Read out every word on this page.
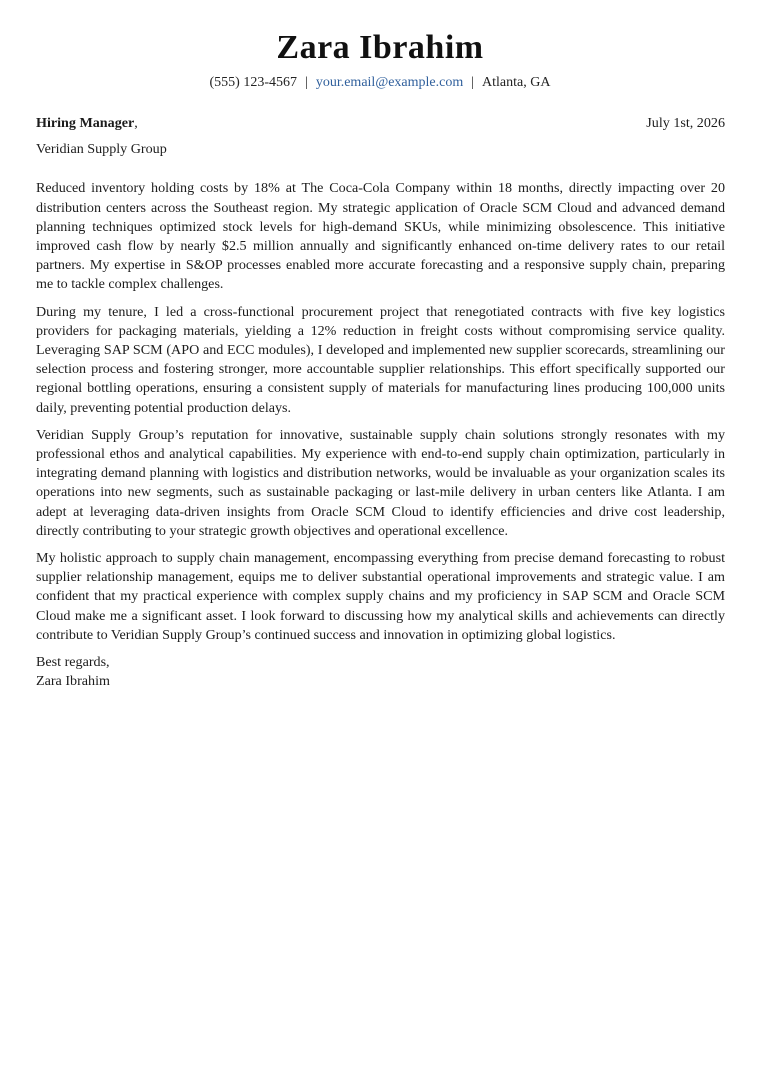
Zara Ibrahim
(555) 123-4567 | your.email@example.com | Atlanta, GA
Hiring Manager,	July 1st, 2026
Veridian Supply Group

Reduced inventory holding costs by 18% at The Coca-Cola Company within 18 months, directly impacting over 20 distribution centers across the Southeast region. My strategic application of Oracle SCM Cloud and advanced demand planning techniques optimized stock levels for high-demand SKUs, while minimizing obsolescence. This initiative improved cash flow by nearly $2.5 million annually and significantly enhanced on-time delivery rates to our retail partners. My expertise in S&OP processes enabled more accurate forecasting and a responsive supply chain, preparing me to tackle complex challenges.

During my tenure, I led a cross-functional procurement project that renegotiated contracts with five key logistics providers for packaging materials, yielding a 12% reduction in freight costs without compromising service quality. Leveraging SAP SCM (APO and ECC modules), I developed and implemented new supplier scorecards, streamlining our selection process and fostering stronger, more accountable supplier relationships. This effort specifically supported our regional bottling operations, ensuring a consistent supply of materials for manufacturing lines producing 100,000 units daily, preventing potential production delays.

Veridian Supply Group’s reputation for innovative, sustainable supply chain solutions strongly resonates with my professional ethos and analytical capabilities. My experience with end-to-end supply chain optimization, particularly in integrating demand planning with logistics and distribution networks, would be invaluable as your organization scales its operations into new segments, such as sustainable packaging or last-mile delivery in urban centers like Atlanta. I am adept at leveraging data-driven insights from Oracle SCM Cloud to identify efficiencies and drive cost leadership, directly contributing to your strategic growth objectives and operational excellence.

My holistic approach to supply chain management, encompassing everything from precise demand forecasting to robust supplier relationship management, equips me to deliver substantial operational improvements and strategic value. I am confident that my practical experience with complex supply chains and my proficiency in SAP SCM and Oracle SCM Cloud make me a significant asset. I look forward to discussing how my analytical skills and achievements can directly contribute to Veridian Supply Group’s continued success and innovation in optimizing global logistics.

Best regards,
Zara Ibrahim
